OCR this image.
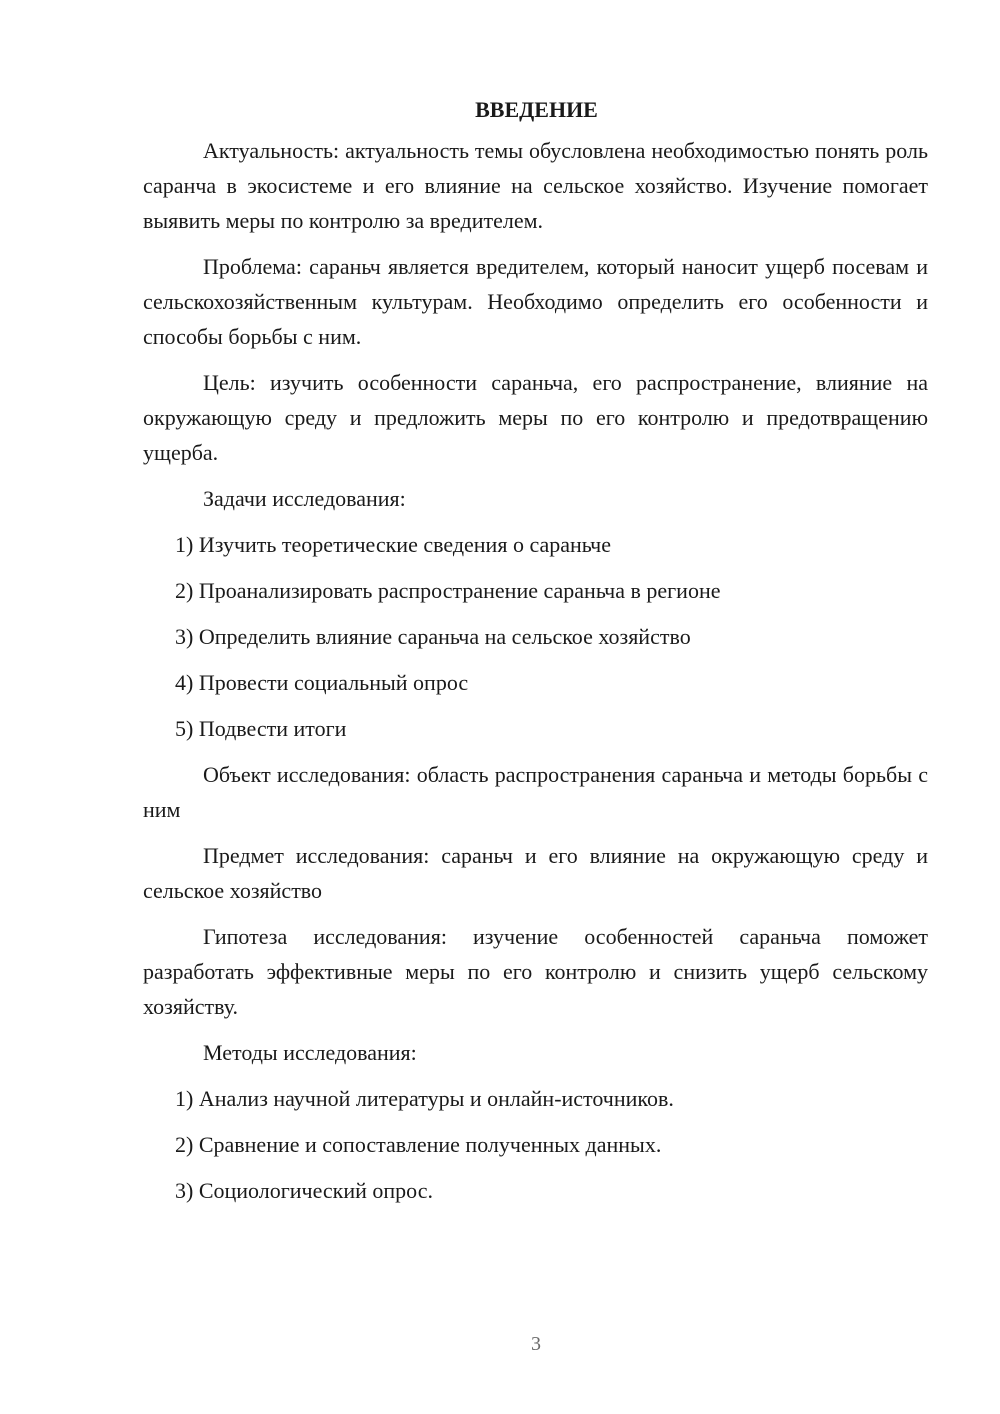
ВВЕДЕНИЕ

Актуальность: актуальность темы обусловлена необходимостью понять роль саранча в экосистеме и его влияние на сельское хозяйство. Изучение помогает выявить меры по контролю за вредителем.

Проблема: сараньч является вредителем, который наносит ущерб посевам и сельскохозяйственным культурам. Необходимо определить его особенности и способы борьбы с ним.

Цель: изучить особенности сараньча, его распространение, влияние на окружающую среду и предложить меры по его контролю и предотвращению ущерба.

Задачи исследования:

1) Изучить теоретические сведения о сараньче
2) Проанализировать распространение сараньча в регионе
3) Определить влияние сараньча на сельское хозяйство
4) Провести социальный опрос
5) Подвести итоги

Объект исследования: область распространения сараньча и методы борьбы с ним

Предмет исследования: сараньч и его влияние на окружающую среду и сельское хозяйство

Гипотеза исследования: изучение особенностей сараньча поможет разработать эффективные меры по его контролю и снизить ущерб сельскому хозяйству.

Методы исследования:

1) Анализ научной литературы и онлайн-источников.
2) Сравнение и сопоставление полученных данных.
3) Социологический опрос.
3
